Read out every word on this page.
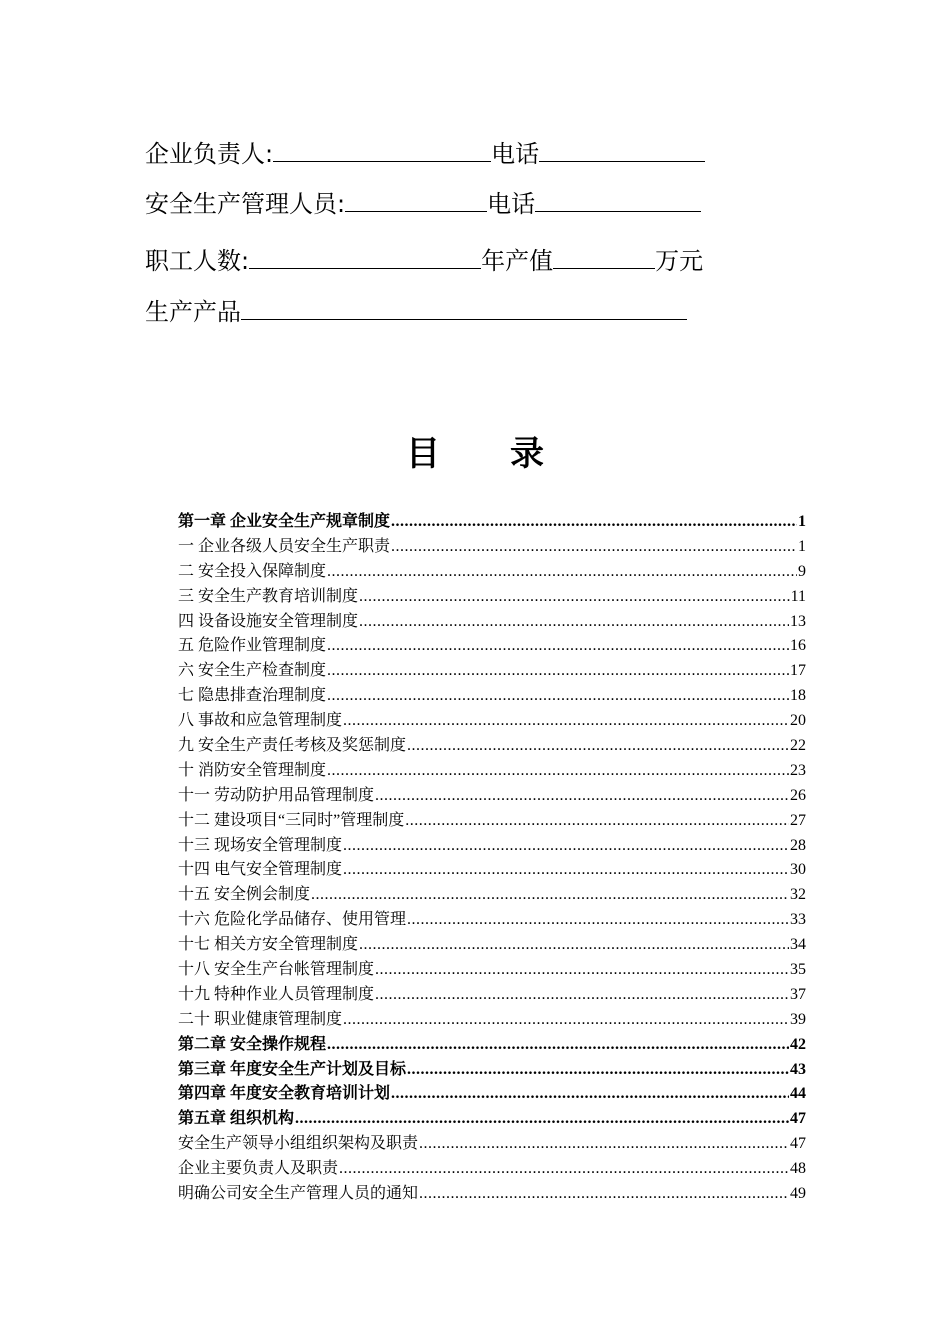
企业负责人:	电话
安全生产管理人员:	电话
职工人数:	年产值	万元
生产产品
目 录
第一章 企业安全生产规章制度 .....	1
一 企业各级人员安全生产职责 .....	1
二 安全投入保障制度 .....	9
三 安全生产教育培训制度 .....	11
四 设备设施安全管理制度 .....	13
五 危险作业管理制度 .....	16
六 安全生产检查制度 .....	17
七 隐患排查治理制度 .....	18
八 事故和应急管理制度 .....	20
九 安全生产责任考核及奖惩制度 .....	22
十 消防安全管理制度 .....	23
十一 劳动防护用品管理制度 .....	26
十二 建设项目“三同时”管理制度 .....	27
十三 现场安全管理制度 .....	28
十四 电气安全管理制度 .....	30
十五 安全例会制度 .....	32
十六 危险化学品储存、使用管理 .....	33
十七 相关方安全管理制度 .....	34
十八 安全生产台帐管理制度 .....	35
十九 特种作业人员管理制度 .....	37
二十 职业健康管理制度 .....	39
第二章 安全操作规程 .....	42
第三章 年度安全生产计划及目标 .....	43
第四章 年度安全教育培训计划 .....	44
第五章 组织机构 .....	47
安全生产领导小组组织架构及职责 .....	47
企业主要负责人及职责 .....	48
明确公司安全生产管理人员的通知 .....	49
